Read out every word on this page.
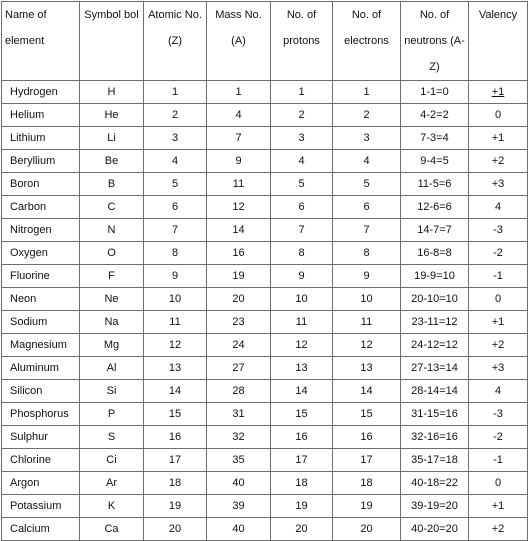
Name of element	Symbol bol	Atomic No. (Z)	Mass No. (A)	No. of protons	No. of electrons	No. of neutrons (A-Z)	Valency
Hydrogen	H	1	1	1	1	1-1=0	+1
Helium	He	2	4	2	2	4-2=2	0
Lithium	Li	3	7	3	3	7-3=4	+1
Beryllium	Be	4	9	4	4	9-4=5	+2
Boron	B	5	11	5	5	11-5=6	+3
Carbon	C	6	12	6	6	12-6=6	4
Nitrogen	N	7	14	7	7	14-7=7	-3
Oxygen	O	8	16	8	8	16-8=8	-2
Fluorine	F	9	19	9	9	19-9=10	-1
Neon	Ne	10	20	10	10	20-10=10	0
Sodium	Na	11	23	11	11	23-11=12	+1
Magnesium	Mg	12	24	12	12	24-12=12	+2
Aluminum	Al	13	27	13	13	27-13=14	+3
Silicon	Si	14	28	14	14	28-14=14	4
Phosphorus	P	15	31	15	15	31-15=16	-3
Sulphur	S	16	32	16	16	32-16=16	-2
Chlorine	Ci	17	35	17	17	35-17=18	-1
Argon	Ar	18	40	18	18	40-18=22	0
Potassium	K	19	39	19	19	39-19=20	+1
Calcium	Ca	20	40	20	20	40-20=20	+2
